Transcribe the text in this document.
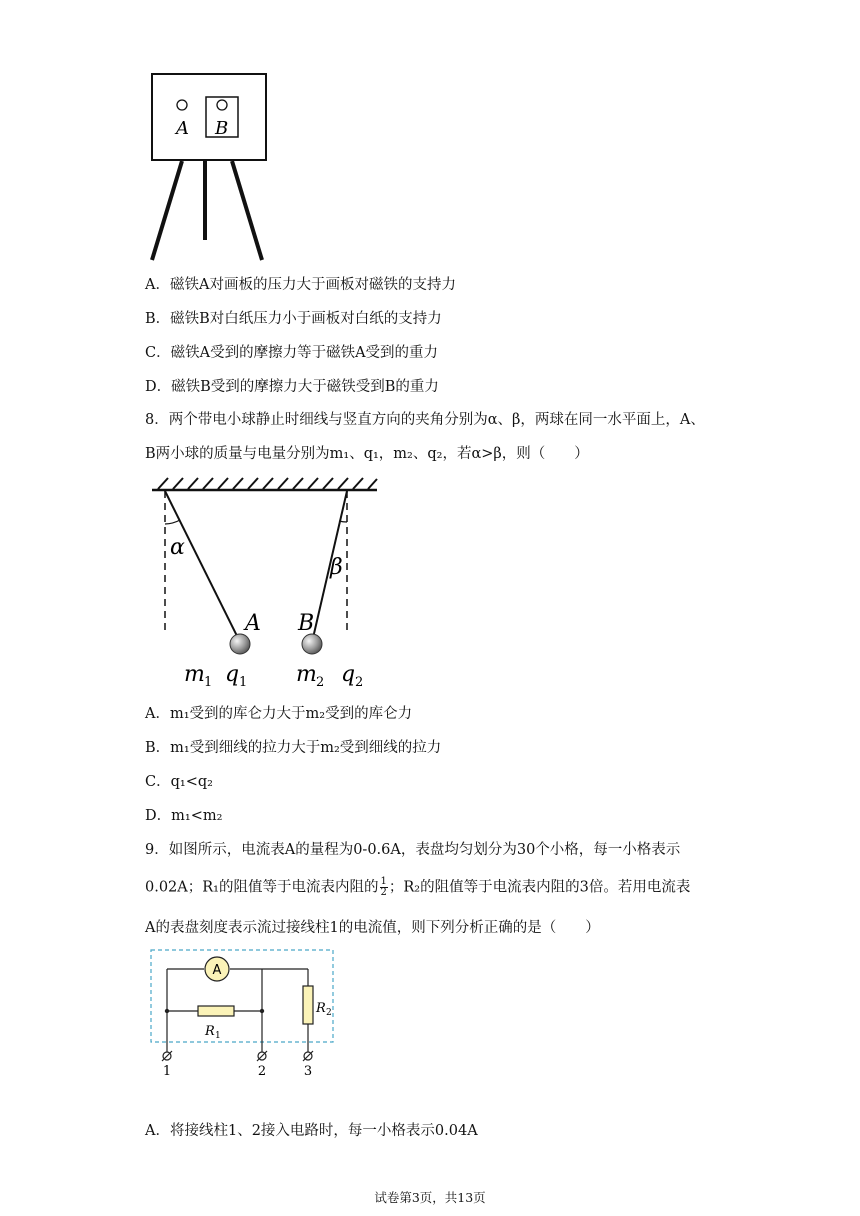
A B
A．磁铁A对画板的压力大于画板对磁铁的支持力
B．磁铁B对白纸压力小于画板对白纸的支持力
C．磁铁A受到的摩擦力等于磁铁A受到的重力
D．磁铁B受到的摩擦力大于磁铁受到B的重力
8．两个带电小球静止时细线与竖直方向的夹角分别为α、β，两球在同一水平面上，A、
B两小球的质量与电量分别为m₁、q₁，m₂、q₂，若α>β，则（　　）
α
β
A B
m 1 q 1 m 2 q 2
A．m₁受到的库仑力大于m₂受到的库仑力
B．m₁受到细线的拉力大于m₂受到细线的拉力
C．q₁<q₂
D．m₁<m₂
9．如图所示，电流表A的量程为0-0.6A，表盘均匀划分为30个小格，每一小格表示
0.02A；R₁的阻值等于电流表内阻的 $\frac{1}{2}$ ；R₂的阻值等于电流表内阻的3倍。若用电流表
A的表盘刻度表示流过接线柱1的电流值，则下列分析正确的是（　　）
A
R 1
R 2
1	2	3
A．将接线柱1、2接入电路时，每一小格表示0.04A
试卷第3页，共13页
